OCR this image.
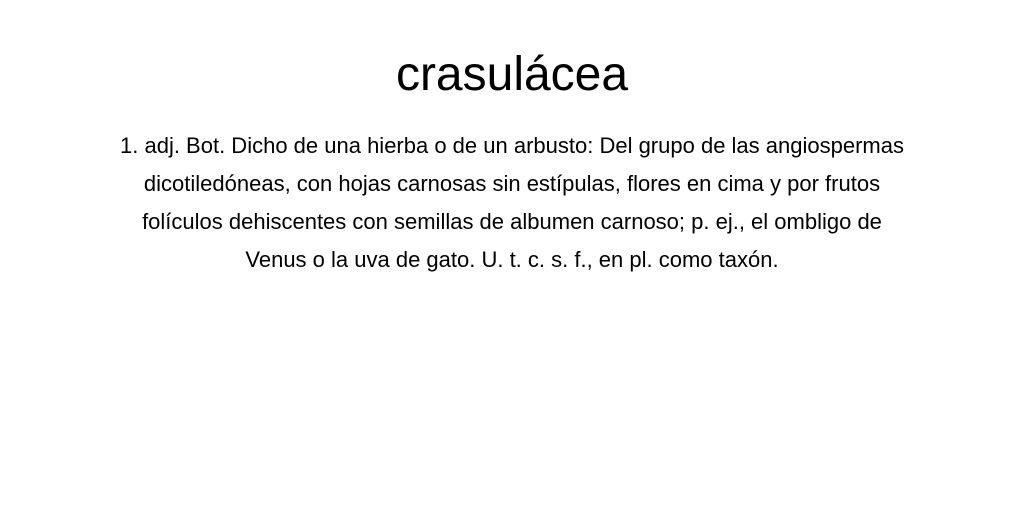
crasulácea

1. adj. Bot. Dicho de una hierba o de un arbusto: Del grupo de las angiospermas
dicotiledóneas, con hojas carnosas sin estípulas, flores en cima y por frutos
folículos dehiscentes con semillas de albumen carnoso; p. ej., el ombligo de
Venus o la uva de gato. U. t. c. s. f., en pl. como taxón.
